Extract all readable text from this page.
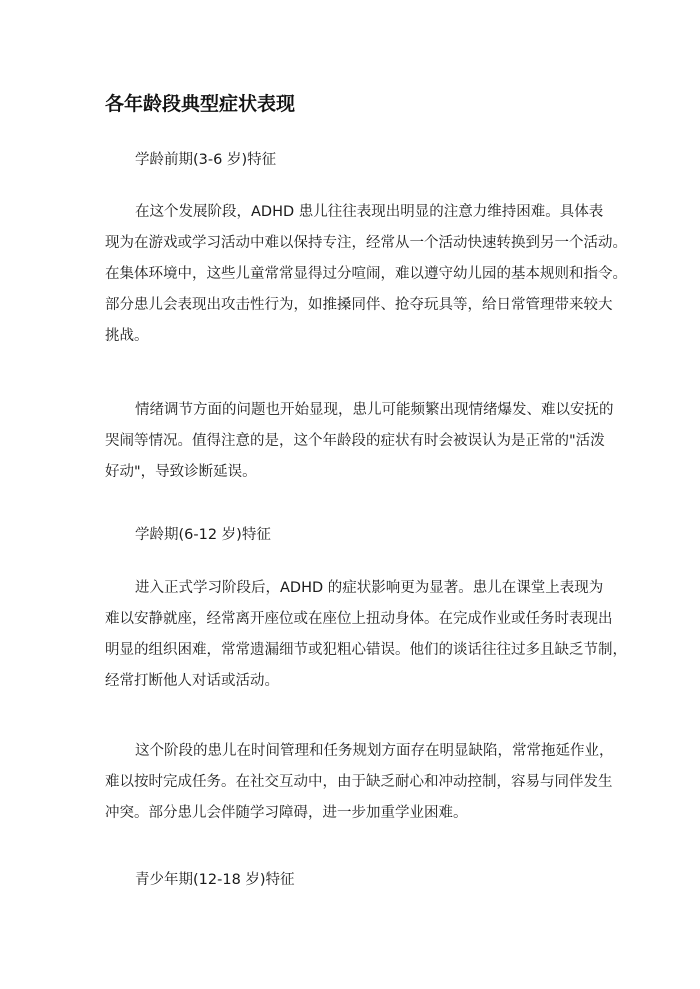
各年龄段典型症状表现

学龄前期(3-6 岁)特征

在这个发展阶段，ADHD 患儿往往表现出明显的注意力维持困难。具体表
现为在游戏或学习活动中难以保持专注，经常从一个活动快速转换到另一个活动。
在集体环境中，这些儿童常常显得过分喧闹，难以遵守幼儿园的基本规则和指令。
部分患儿会表现出攻击性行为，如推搡同伴、抢夺玩具等，给日常管理带来较大
挑战。
情绪调节方面的问题也开始显现，患儿可能频繁出现情绪爆发、难以安抚的
哭闹等情况。值得注意的是，这个年龄段的症状有时会被误认为是正常的"活泼
好动"，导致诊断延误。

学龄期(6-12 岁)特征

进入正式学习阶段后，ADHD 的症状影响更为显著。患儿在课堂上表现为
难以安静就座，经常离开座位或在座位上扭动身体。在完成作业或任务时表现出
明显的组织困难，常常遗漏细节或犯粗心错误。他们的谈话往往过多且缺乏节制，
经常打断他人对话或活动。
这个阶段的患儿在时间管理和任务规划方面存在明显缺陷，常常拖延作业，
难以按时完成任务。在社交互动中，由于缺乏耐心和冲动控制，容易与同伴发生
冲突。部分患儿会伴随学习障碍，进一步加重学业困难。

青少年期(12-18 岁)特征
